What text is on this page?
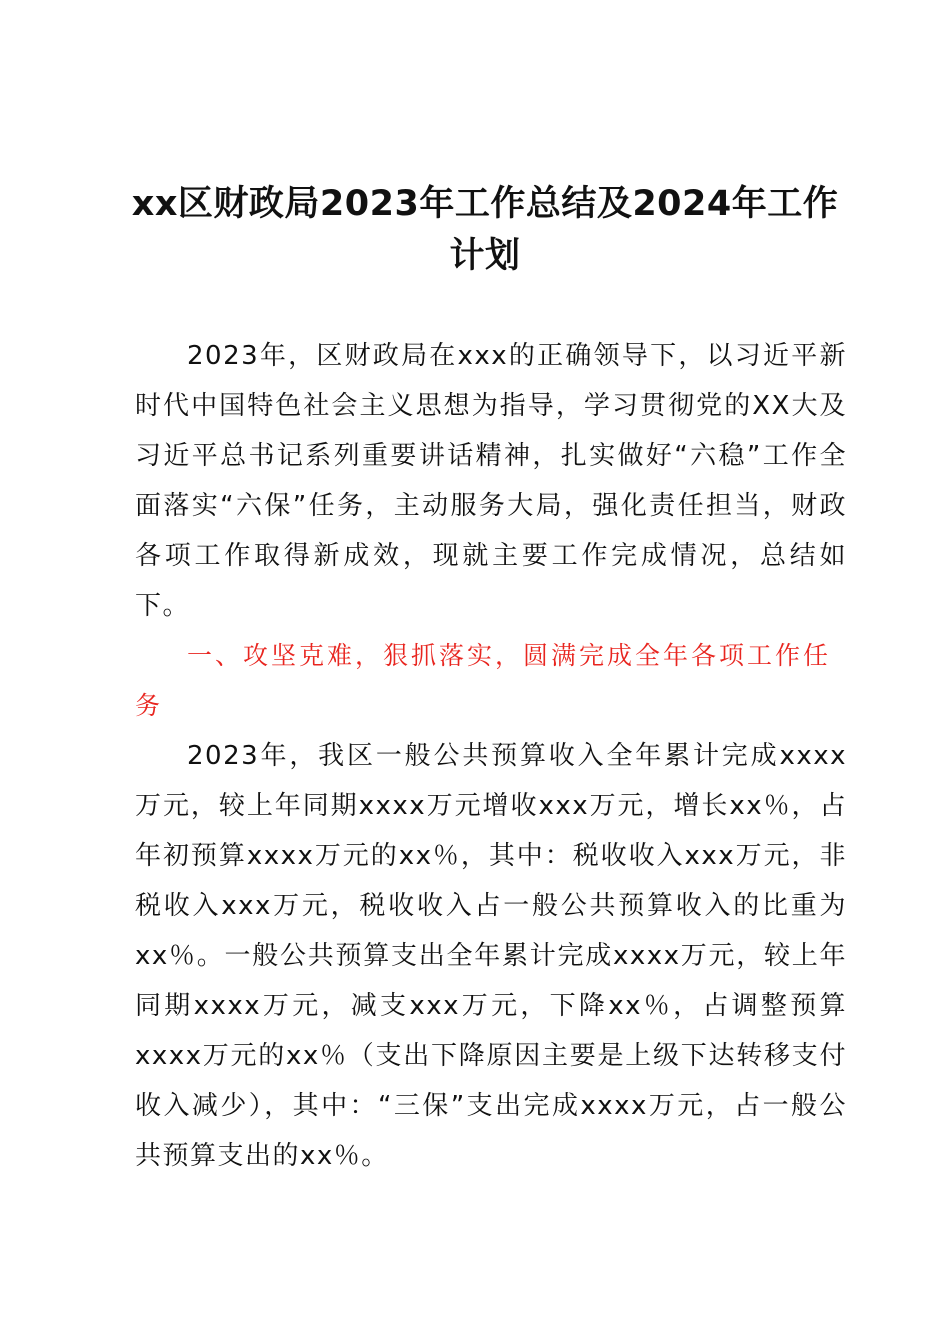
xx区财政局2023年工作总结及2024年工作计划

2023年，区财政局在xxx的正确领导下，以习近平新时代中国特色社会主义思想为指导，学习贯彻党的XX大及习近平总书记系列重要讲话精神，扎实做好“六稳”工作全面落实“六保”任务，主动服务大局，强化责任担当，财政各项工作取得新成效，现就主要工作完成情况，总结如下。

一、攻坚克难，狠抓落实，圆满完成全年各项工作任务

2023年，我区一般公共预算收入全年累计完成xxxx万元，较上年同期xxxx万元增收xxx万元，增长xx％，占年初预算xxxx万元的xx％，其中：税收收入xxx万元，非税收入xxx万元，税收收入占一般公共预算收入的比重为xx％。一般公共预算支出全年累计完成xxxx万元，较上年同期xxxx万元，减支xxx万元，下降xx％，占调整预算xxxx万元的xx％（支出下降原因主要是上级下达转移支付收入减少），其中：“三保”支出完成xxxx万元，占一般公共预算支出的xx％。
